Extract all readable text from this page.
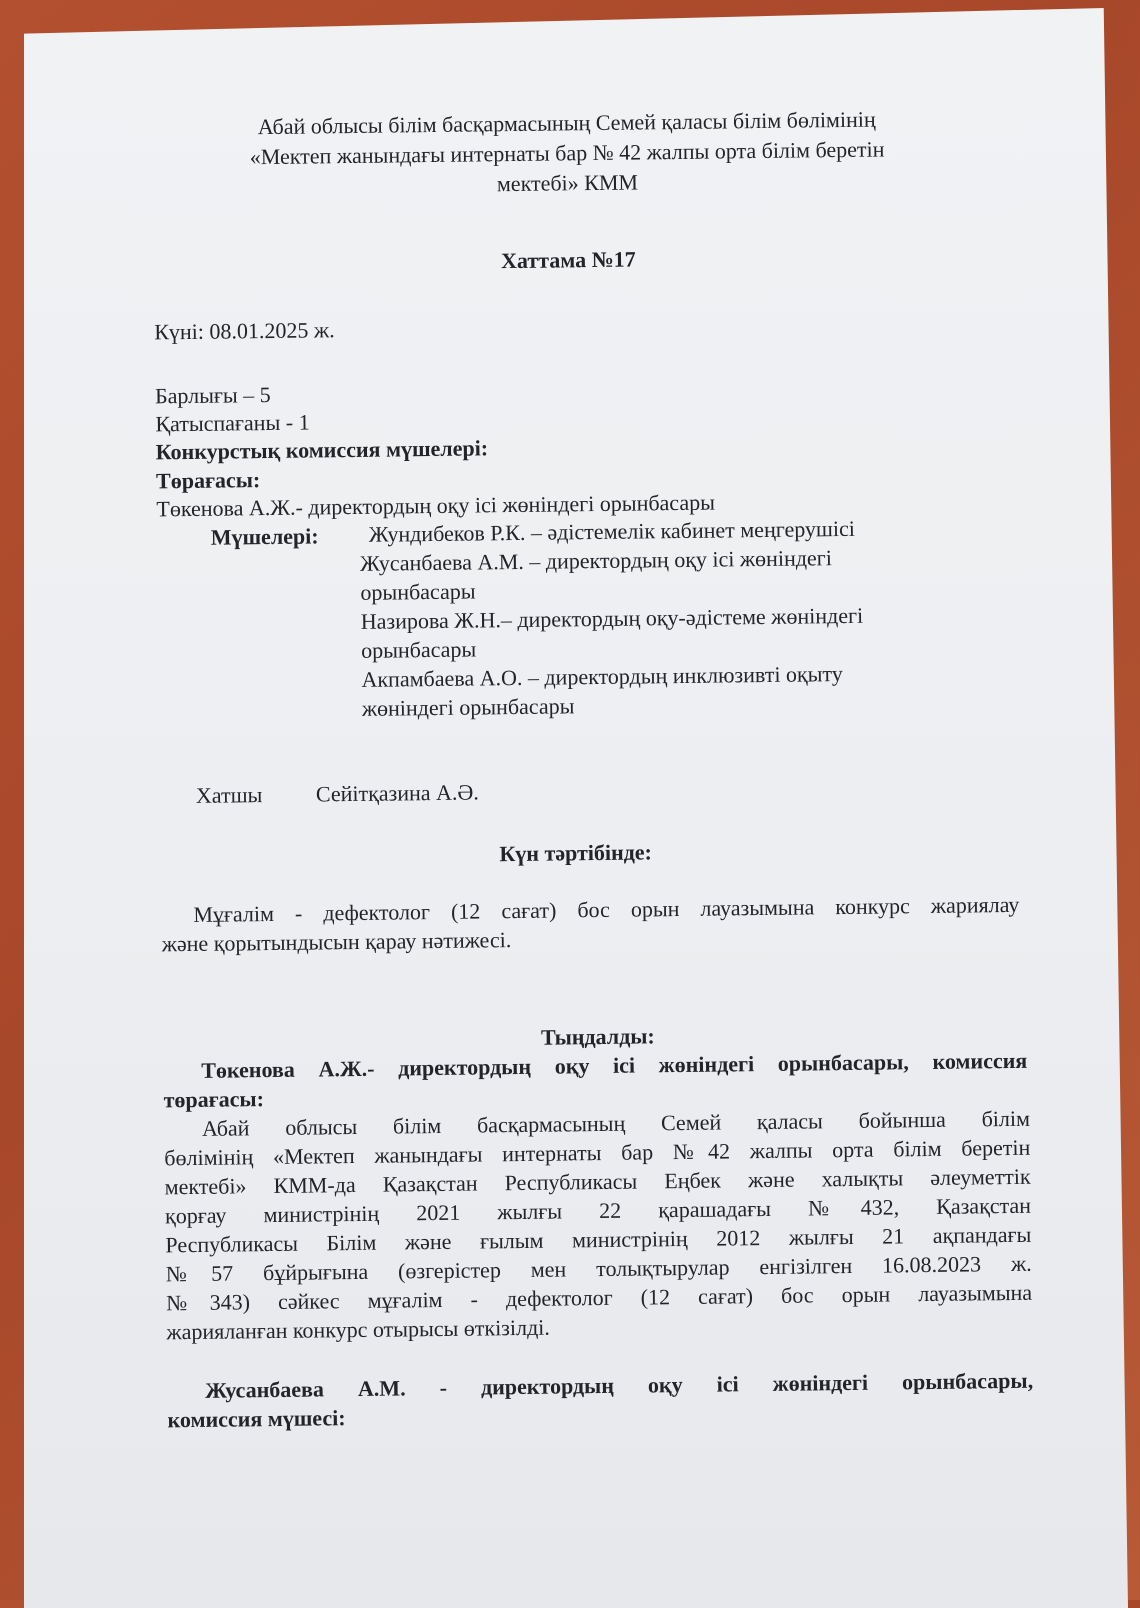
Абай облысы білім басқармасының Семей қаласы білім бөлімінің
«Мектеп жанындағы интернаты бар № 42 жалпы орта білім беретін
мектебі» КММ
Хаттама №17
Күні: 08.01.2025 ж.
Барлығы – 5
Қатыспағаны - 1
Конкурстық комиссия мүшелері:
Төрағасы:
Төкенова А.Ж.- директордың оқу ісі жөніндегі орынбасары
Мүшелері: Жундибеков Р.К. – әдістемелік кабинет меңгерушісі
Жусанбаева А.М. – директордың оқу ісі жөніндегі
орынбасары
Назирова Ж.Н.– директордың оқу-әдістеме жөніндегі
орынбасары
Акпамбаева А.О. – директордың инклюзивті оқыту
жөніндегі орынбасары
Хатшы Сейітқазина А.Ә.
Күн тәртібінде:
Мұғалім - дефектолог (12 сағат) бос орын лауазымына конкурс жариялау
және қорытындысын қарау нәтижесі.
Тыңдалды:
Төкенова А.Ж.- директордың оқу ісі жөніндегі орынбасары, комиссия
төрағасы:
Абай облысы білім басқармасының Семей қаласы бойынша білім
бөлімінің «Мектеп жанындағы интернаты бар №42 жалпы орта білім беретін
мектебі» КММ-да Қазақстан Республикасы Еңбек және халықты әлеуметтік
қорғау министрінің 2021 жылғы 22 қарашадағы №432, Қазақстан
Республикасы Білім және ғылым министрінің 2012 жылғы 21 ақпандағы
№57 бұйрығына (өзгерістер мен толықтырулар енгізілген 16.08.2023 ж.
№343) сәйкес мұғалім - дефектолог (12 сағат) бос орын лауазымына
жарияланған конкурс отырысы өткізілді.
Жусанбаева А.М. - директордың оқу ісі жөніндегі орынбасары,
комиссия мүшесі:
